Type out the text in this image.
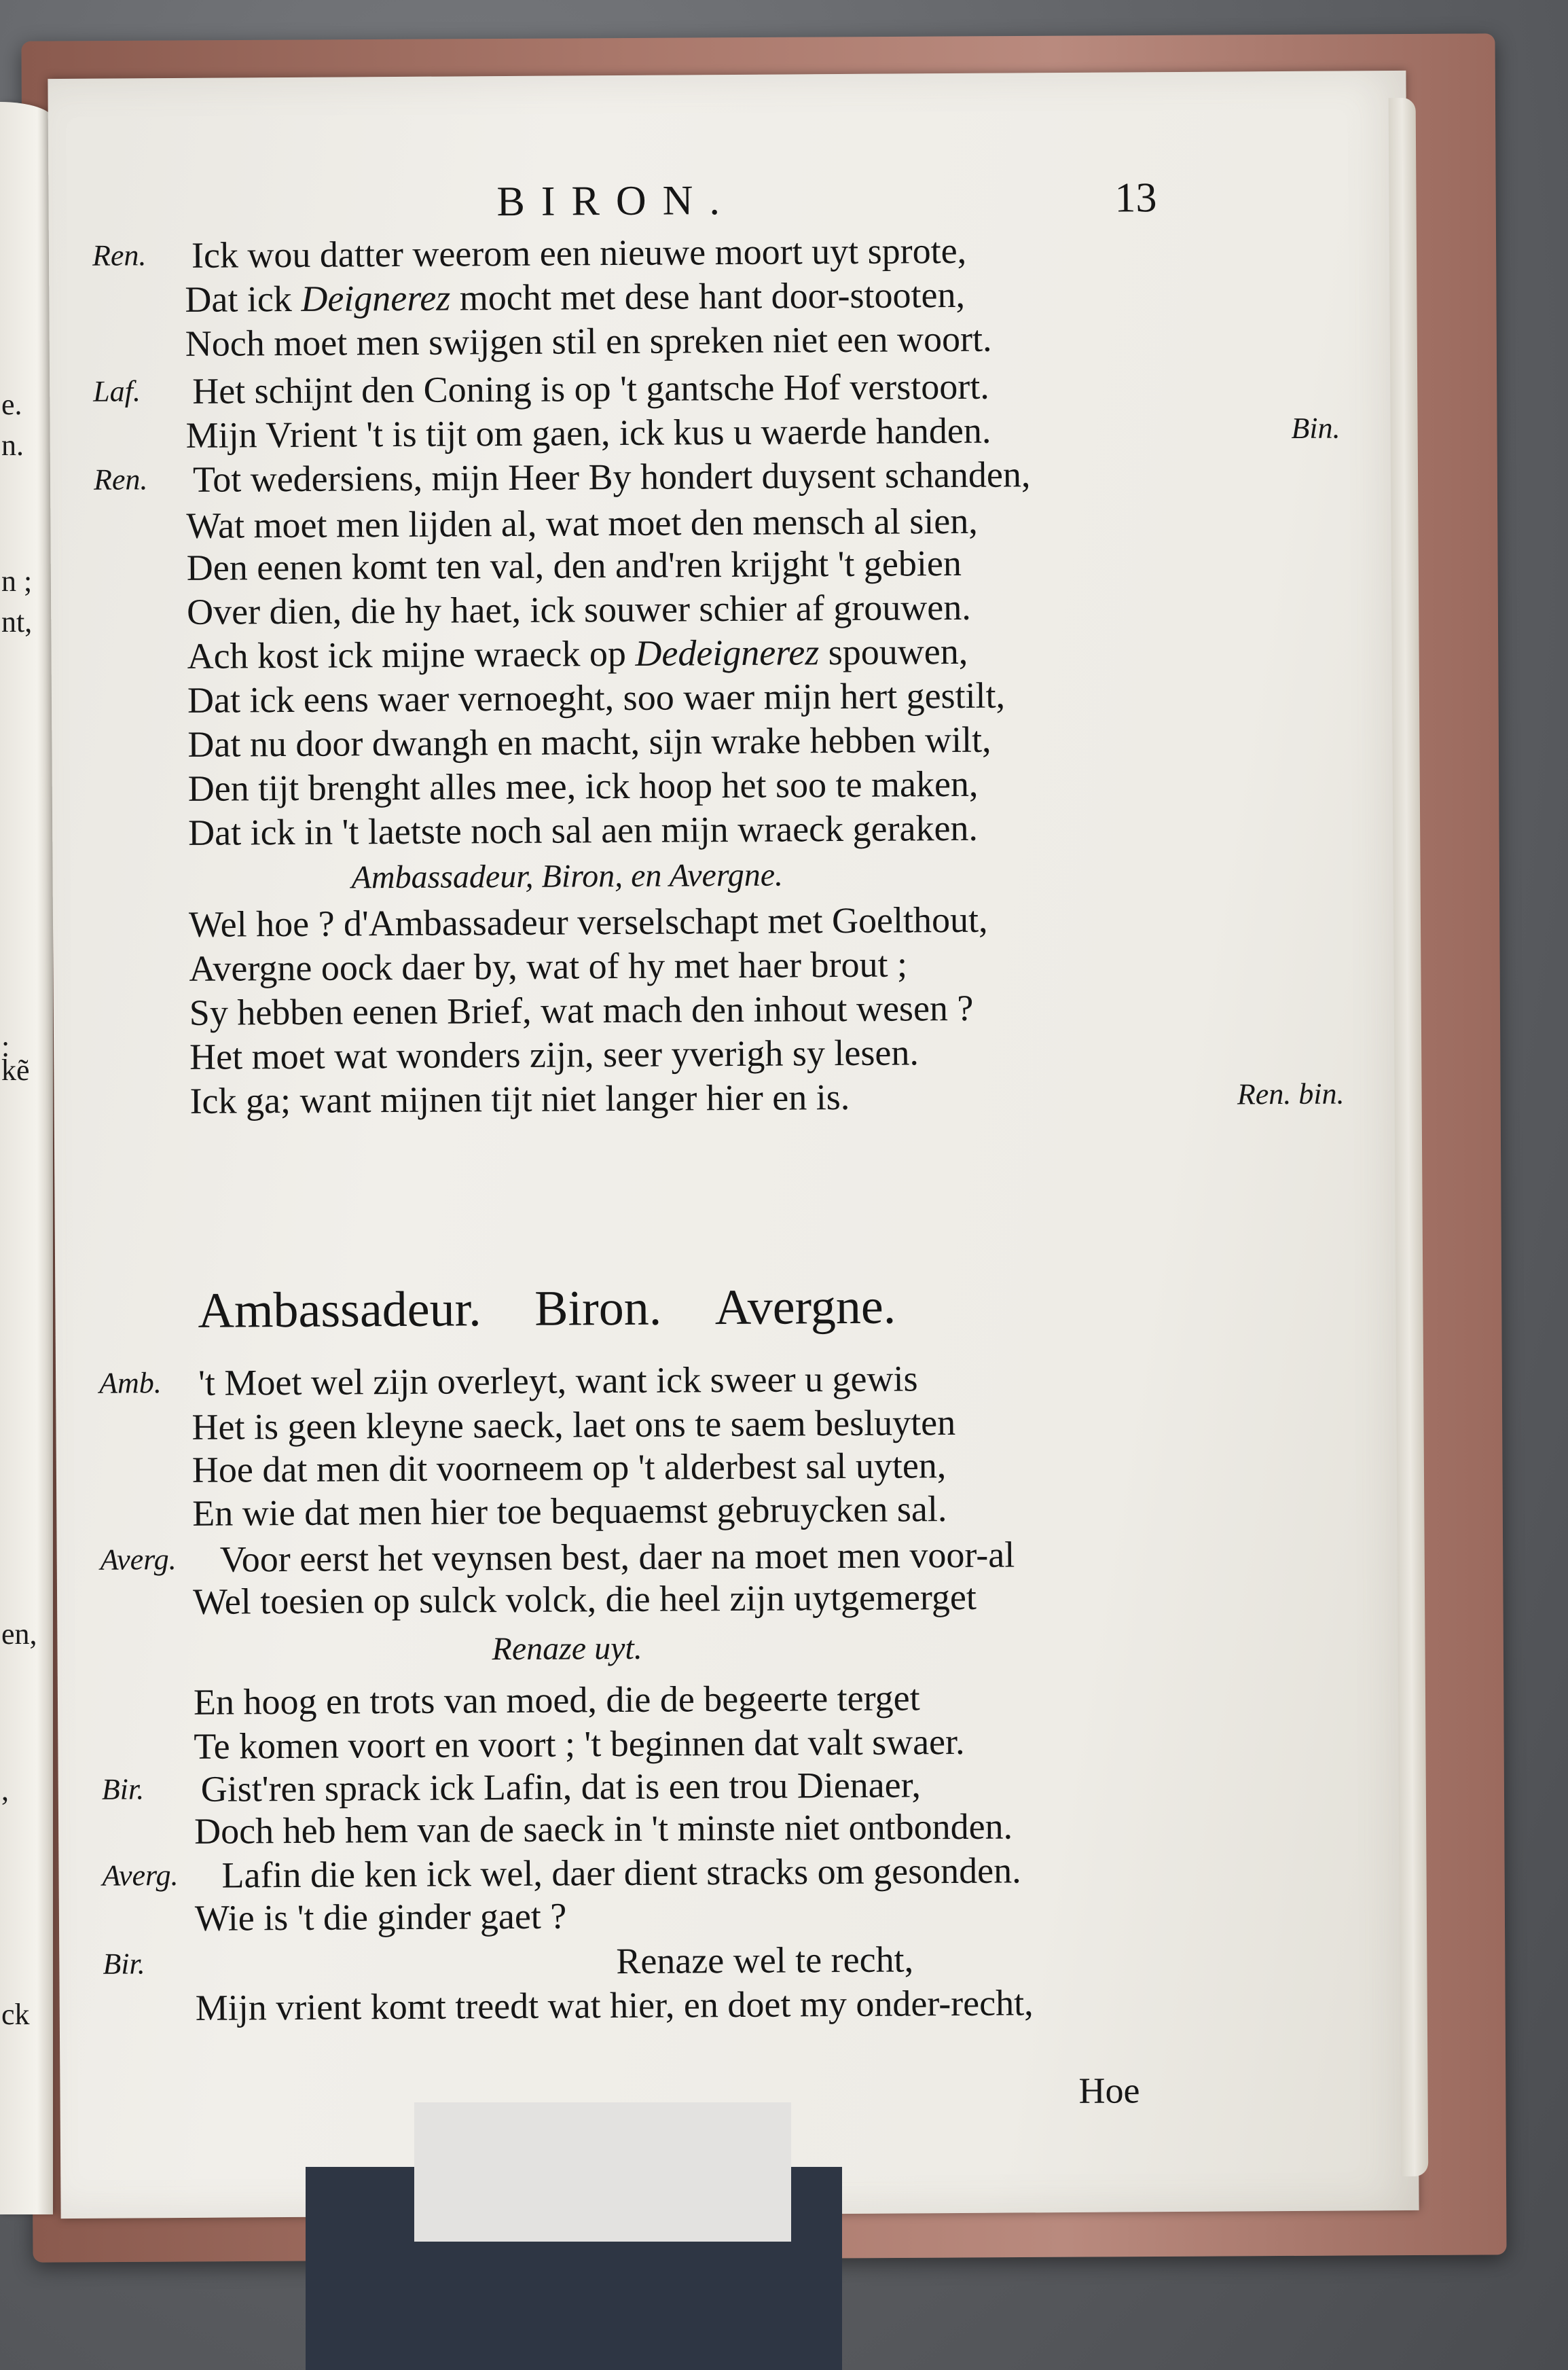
e.
n.
n ;
nt,
:
kẽ
en,
,
ck
BIRON.	13
Ren. Ick wou datter weerom een nieuwe moort uyt sprote,
Dat ick Deignerez mocht met dese hant door-stooten,
Noch moet men swijgen stil en spreken niet een woort.
Laf. Het schijnt den Coning is op 't gantsche Hof verstoort.
Mijn Vrient 't is tijt om gaen, ick kus u waerde handen.	Bin.
Ren. Tot wedersiens, mijn Heer By hondert duysent schanden,
Wat moet men lijden al, wat moet den mensch al sien,
Den eenen komt ten val, den and'ren krijght 't gebien
Over dien, die hy haet, ick souwer schier af grouwen.
Ach kost ick mijne wraeck op Dedeignerez spouwen,
Dat ick eens waer vernoeght, soo waer mijn hert gestilt,
Dat nu door dwangh en macht, sijn wrake hebben wilt,
Den tijt brenght alles mee, ick hoop het soo te maken,
Dat ick in 't laetste noch sal aen mijn wraeck geraken.
Wel hoe ? d'Ambassadeur verselschapt met Goelthout,
Avergne oock daer by, wat of hy met haer brout ;
Sy hebben eenen Brief, wat mach den inhout wesen ?
Het moet wat wonders zijn, seer yverigh sy lesen.
Ick ga; want mijnen tijt niet langer hier en is.	Ren. bin.
Amb. 't Moet wel zijn overleyt, want ick sweer u gewis
Het is geen kleyne saeck, laet ons te saem besluyten
Hoe dat men dit voorneem op 't alderbest sal uyten,
En wie dat men hier toe bequaemst gebruycken sal.
Averg. Voor eerst het veynsen best, daer na moet men voor-al
Wel toesien op sulck volck, die heel zijn uytgemerget
En hoog en trots van moed, die de begeerte terget
Te komen voort en voort ; 't beginnen dat valt swaer.
Bir. Gist'ren sprack ick Lafin, dat is een trou Dienaer,
Doch heb hem van de saeck in 't minste niet ontbonden.
Averg. Lafin die ken ick wel, daer dient stracks om gesonden.
Wie is 't die ginder gaet ?
Bir.	Renaze wel te recht,
Mijn vrient komt treedt wat hier, en doet my onder-recht,
Ambassadeur, Biron, en Avergne.
Ambassadeur. Biron. Avergne.
Renaze uyt.
Hoe
